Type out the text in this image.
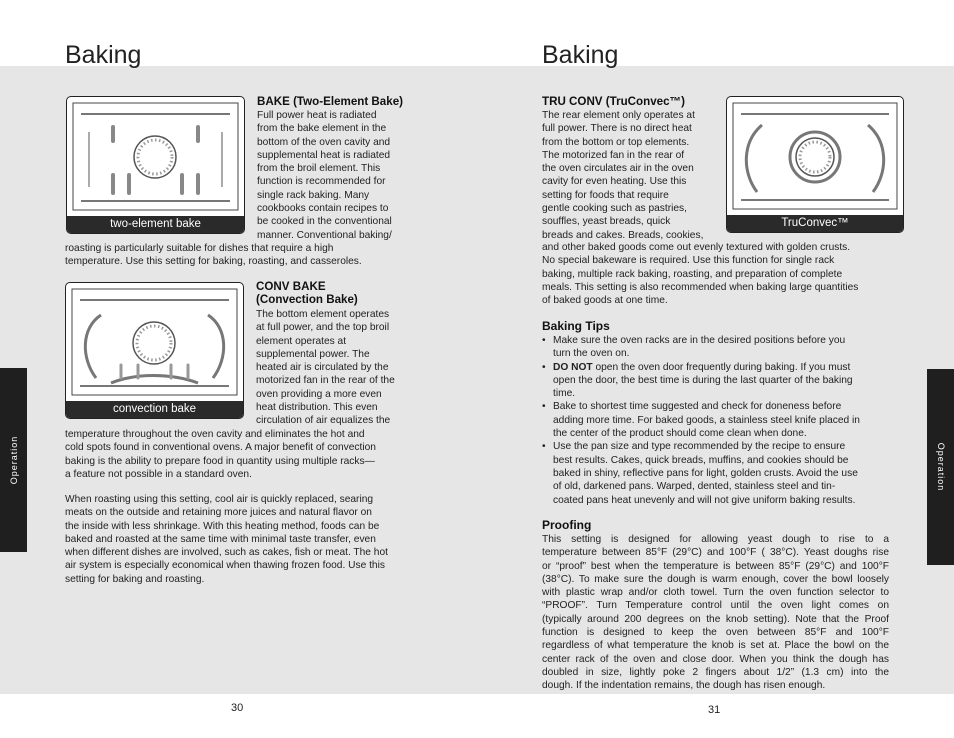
Baking	Baking
Operation	Operation
two-element bake
BAKE (Two-Element Bake)
Full power heat is radiated
from the bake element in the
bottom of the oven cavity and
supplemental heat is radiated
from the broil element. This
function is recommended for
single rack baking. Many
cookbooks contain recipes to
be cooked in the conventional
manner. Conventional baking/
roasting is particularly suitable for dishes that require a high
temperature. Use this setting for baking, roasting, and casseroles.
convection bake
CONV BAKE
(Convection Bake)
The bottom element operates
at full power, and the top broil
element operates at
supplemental power. The
heated air is circulated by the
motorized fan in the rear of the
oven providing a more even
heat distribution. This even
circulation of air equalizes the
temperature throughout the oven cavity and eliminates the hot and
cold spots found in conventional ovens. A major benefit of convection
baking is the ability to prepare food in quantity using multiple racks—
a feature not possible in a standard oven.
When roasting using this setting, cool air is quickly replaced, searing
meats on the outside and retaining more juices and natural flavor on
the inside with less shrinkage. With this heating method, foods can be
baked and roasted at the same time with minimal taste transfer, even
when different dishes are involved, such as cakes, fish or meat. The hot
air system is especially economical when thawing frozen food. Use this
setting for baking and roasting.
TRU CONV (TruConvec™)
The rear element only operates at
full power. There is no direct heat
from the bottom or top elements.
The motorized fan in the rear of
the oven circulates air in the oven
cavity for even heating. Use this
setting for foods that require
gentle cooking such as pastries,
souffles, yeast breads, quick
breads and cakes. Breads, cookies,
TruConvec™
and other baked goods come out evenly textured with golden crusts.
No special bakeware is required. Use this function for single rack
baking, multiple rack baking, roasting, and preparation of complete
meals. This setting is also recommended when baking large quantities
of baked goods at one time.
Baking Tips
• Make sure the oven racks are in the desired positions before you
turn the oven on.
• DO NOT open the oven door frequently during baking. If you must
open the door, the best time is during the last quarter of the baking
time.
• Bake to shortest time suggested and check for doneness before
adding more time. For baked goods, a stainless steel knife placed in
the center of the product should come clean when done.
• Use the pan size and type recommended by the recipe to ensure
best results. Cakes, quick breads, muffins, and cookies should be
baked in shiny, reflective pans for light, golden crusts. Avoid the use
of old, darkened pans. Warped, dented, stainless steel and tin-
coated pans heat unevenly and will not give uniform baking results.
Proofing
This setting is designed for allowing yeast dough to rise to a
temperature between 85°F (29°C) and 100°F ( 38°C). Yeast doughs rise
or “proof” best when the temperature is between 85°F (29°C) and 100°F
(38°C). To make sure the dough is warm enough, cover the bowl loosely
with plastic wrap and/or cloth towel. Turn the oven function selector to
“PROOF”. Turn Temperature control until the oven light comes on
(typically around 200 degrees on the knob setting). Note that the Proof
function is designed to keep the oven between 85°F and 100°F
regardless of what temperature the knob is set at. Place the bowl on the
center rack of the oven and close door. When you think the dough has
doubled in size, lightly poke 2 fingers about 1/2” (1.3 cm) into the
dough. If the indentation remains, the dough has risen enough.
30	31
